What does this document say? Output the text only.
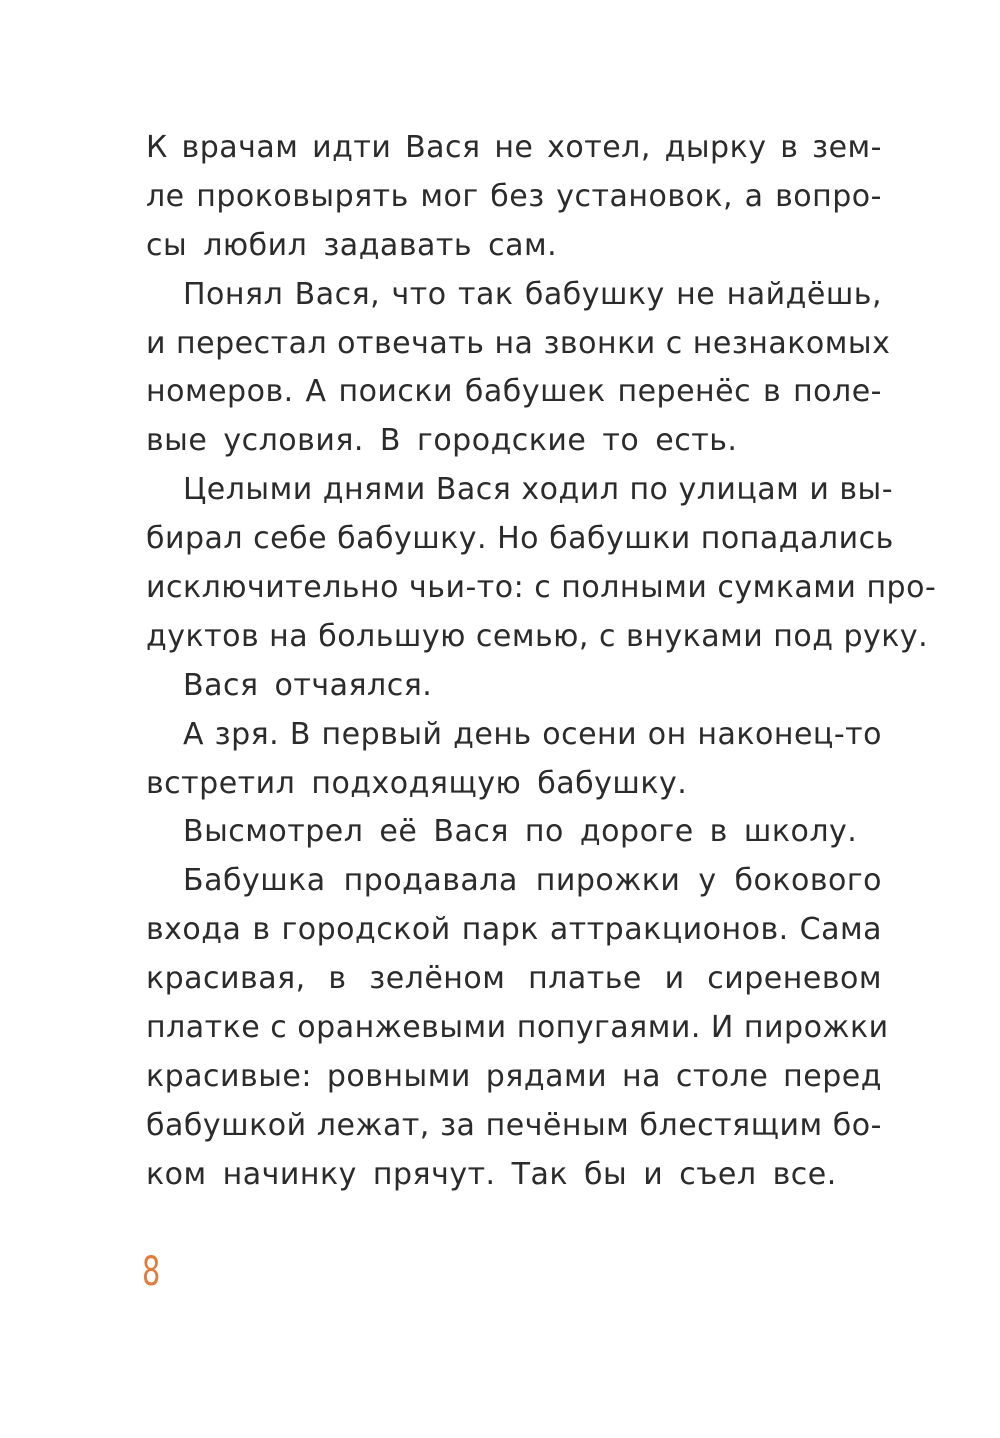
К врачам идти Вася не хотел, дырку в зем-
ле проковырять мог без установок, а вопро-
сы любил задавать сам.
Понял Вася, что так бабушку не найдёшь,
и перестал отвечать на звонки с незнакомых
номеров. А поиски бабушек перенёс в поле-
вые условия. В городские то есть.
Целыми днями Вася ходил по улицам и вы-
бирал себе бабушку. Но бабушки попадались
исключительно чьи-то: с полными сумками про-
дуктов на большую семью, с внуками под руку.
Вася отчаялся.
А зря. В первый день осени он наконец-то
встретил подходящую бабушку.
Высмотрел её Вася по дороге в школу.
Бабушка продавала пирожки у бокового
входа в городской парк аттракционов. Сама
красивая, в зелёном платье и сиреневом
платке с оранжевыми попугаями. И пирожки
красивые: ровными рядами на столе перед
бабушкой лежат, за печёным блестящим бо-
ком начинку прячут. Так бы и съел все.
8
